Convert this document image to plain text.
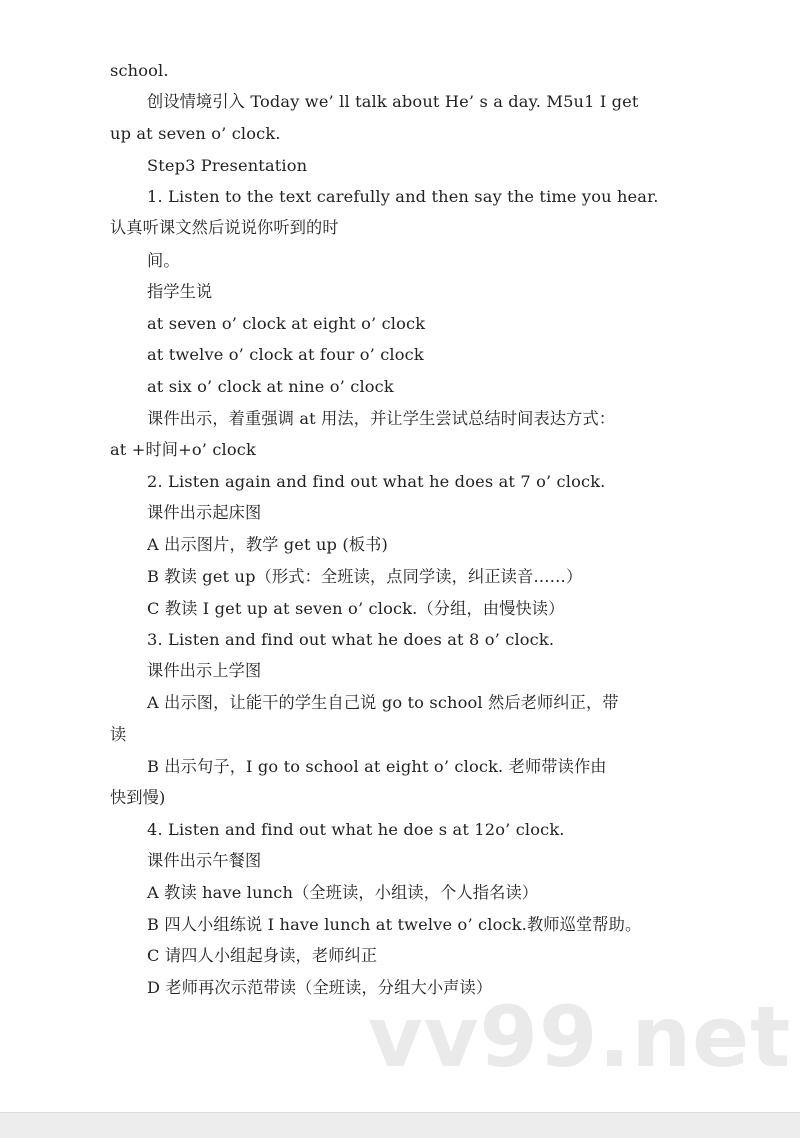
school.
创设情境引入 Today we’ ll talk about He’ s a day. M5u1 I get
up at seven o’ clock.
Step3 Presentation
1. Listen to the text carefully and then say the time you hear.
认真听课文然后说说你听到的时
间。
指学生说
at seven o’ clock at eight o’ clock
at twelve o’ clock at four o’ clock
at six o’ clock at nine o’ clock
课件出示，着重强调 at 用法，并让学生尝试总结时间表达方式：
at +时间+o’ clock
2. Listen again and find out what he does at 7 o’ clock.
课件出示起床图
A 出示图片，教学 get up (板书)
B 教读 get up（形式：全班读，点同学读，纠正读音……）
C 教读 I get up at seven o’ clock.（分组，由慢快读）
3. Listen and find out what he does at 8 o’ clock.
课件出示上学图
A 出示图，让能干的学生自己说 go to school 然后老师纠正，带
读
B 出示句子，I go to school at eight o’ clock. 老师带读作由
快到慢)
4. Listen and find out what he doe s at 12o’ clock.
课件出示午餐图
A 教读 have lunch（全班读，小组读，个人指名读）
B 四人小组练说 I have lunch at twelve o’ clock.教师巡堂帮助。
C 请四人小组起身读，老师纠正
D 老师再次示范带读（全班读，分组大小声读）
vv99.net
